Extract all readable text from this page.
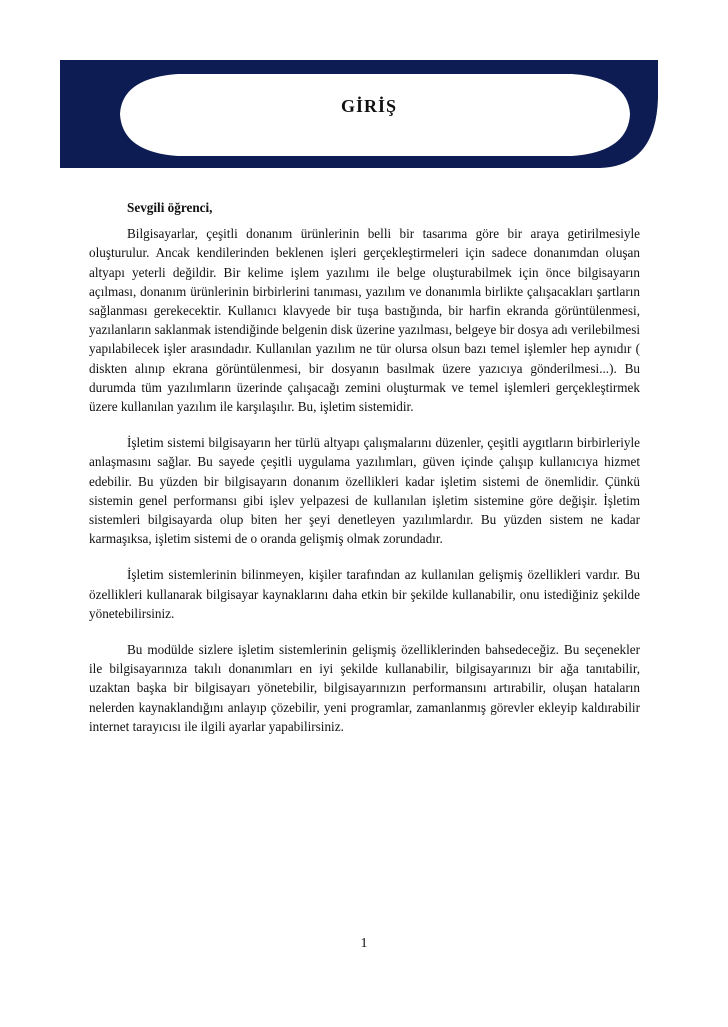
GİRİŞ

Sevgili öğrenci,

Bilgisayarlar, çeşitli donanım ürünlerinin belli bir tasarıma göre bir araya getirilmesiyle oluşturulur. Ancak kendilerinden beklenen işleri gerçekleştirmeleri için sadece donanımdan oluşan altyapı yeterli değildir. Bir kelime işlem yazılımı ile belge oluşturabilmek için önce bilgisayarın açılması, donanım ürünlerinin birbirlerini tanıması, yazılım ve donanımla birlikte çalışacakları şartların sağlanması gerekecektir. Kullanıcı klavyede bir tuşa bastığında, bir harfin ekranda görüntülenmesi, yazılanların saklanmak istendiğinde belgenin disk üzerine yazılması, belgeye bir dosya adı verilebilmesi yapılabilecek işler arasındadır. Kullanılan yazılım ne tür olursa olsun bazı temel işlemler hep aynıdır ( diskten alınıp ekrana görüntülenmesi, bir dosyanın basılmak üzere yazıcıya gönderilmesi...). Bu durumda tüm yazılımların üzerinde çalışacağı zemini oluşturmak ve temel işlemleri gerçekleştirmek üzere kullanılan yazılım ile karşılaşılır. Bu, işletim sistemidir.

İşletim sistemi bilgisayarın her türlü altyapı çalışmalarını düzenler, çeşitli aygıtların birbirleriyle anlaşmasını sağlar. Bu sayede çeşitli uygulama yazılımları, güven içinde çalışıp kullanıcıya hizmet edebilir. Bu yüzden bir bilgisayarın donanım özellikleri kadar işletim sistemi de önemlidir. Çünkü sistemin genel performansı gibi işlev yelpazesi de kullanılan işletim sistemine göre değişir. İşletim sistemleri bilgisayarda olup biten her şeyi denetleyen yazılımlardır. Bu yüzden sistem ne kadar karmaşıksa, işletim sistemi de o oranda gelişmiş olmak zorundadır.

İşletim sistemlerinin bilinmeyen, kişiler tarafından az kullanılan gelişmiş özellikleri vardır. Bu özellikleri kullanarak bilgisayar kaynaklarını daha etkin bir şekilde kullanabilir, onu istediğiniz şekilde yönetebilirsiniz.

Bu modülde sizlere işletim sistemlerinin gelişmiş özelliklerinden bahsedeceğiz. Bu seçenekler ile bilgisayarınıza takılı donanımları en iyi şekilde kullanabilir, bilgisayarınızı bir ağa tanıtabilir, uzaktan başka bir bilgisayarı yönetebilir, bilgisayarınızın performansını artırabilir, oluşan hataların nelerden kaynaklandığını anlayıp çözebilir, yeni programlar, zamanlanmış görevler ekleyip kaldırabilir internet tarayıcısı ile ilgili ayarlar yapabilirsiniz.

1
